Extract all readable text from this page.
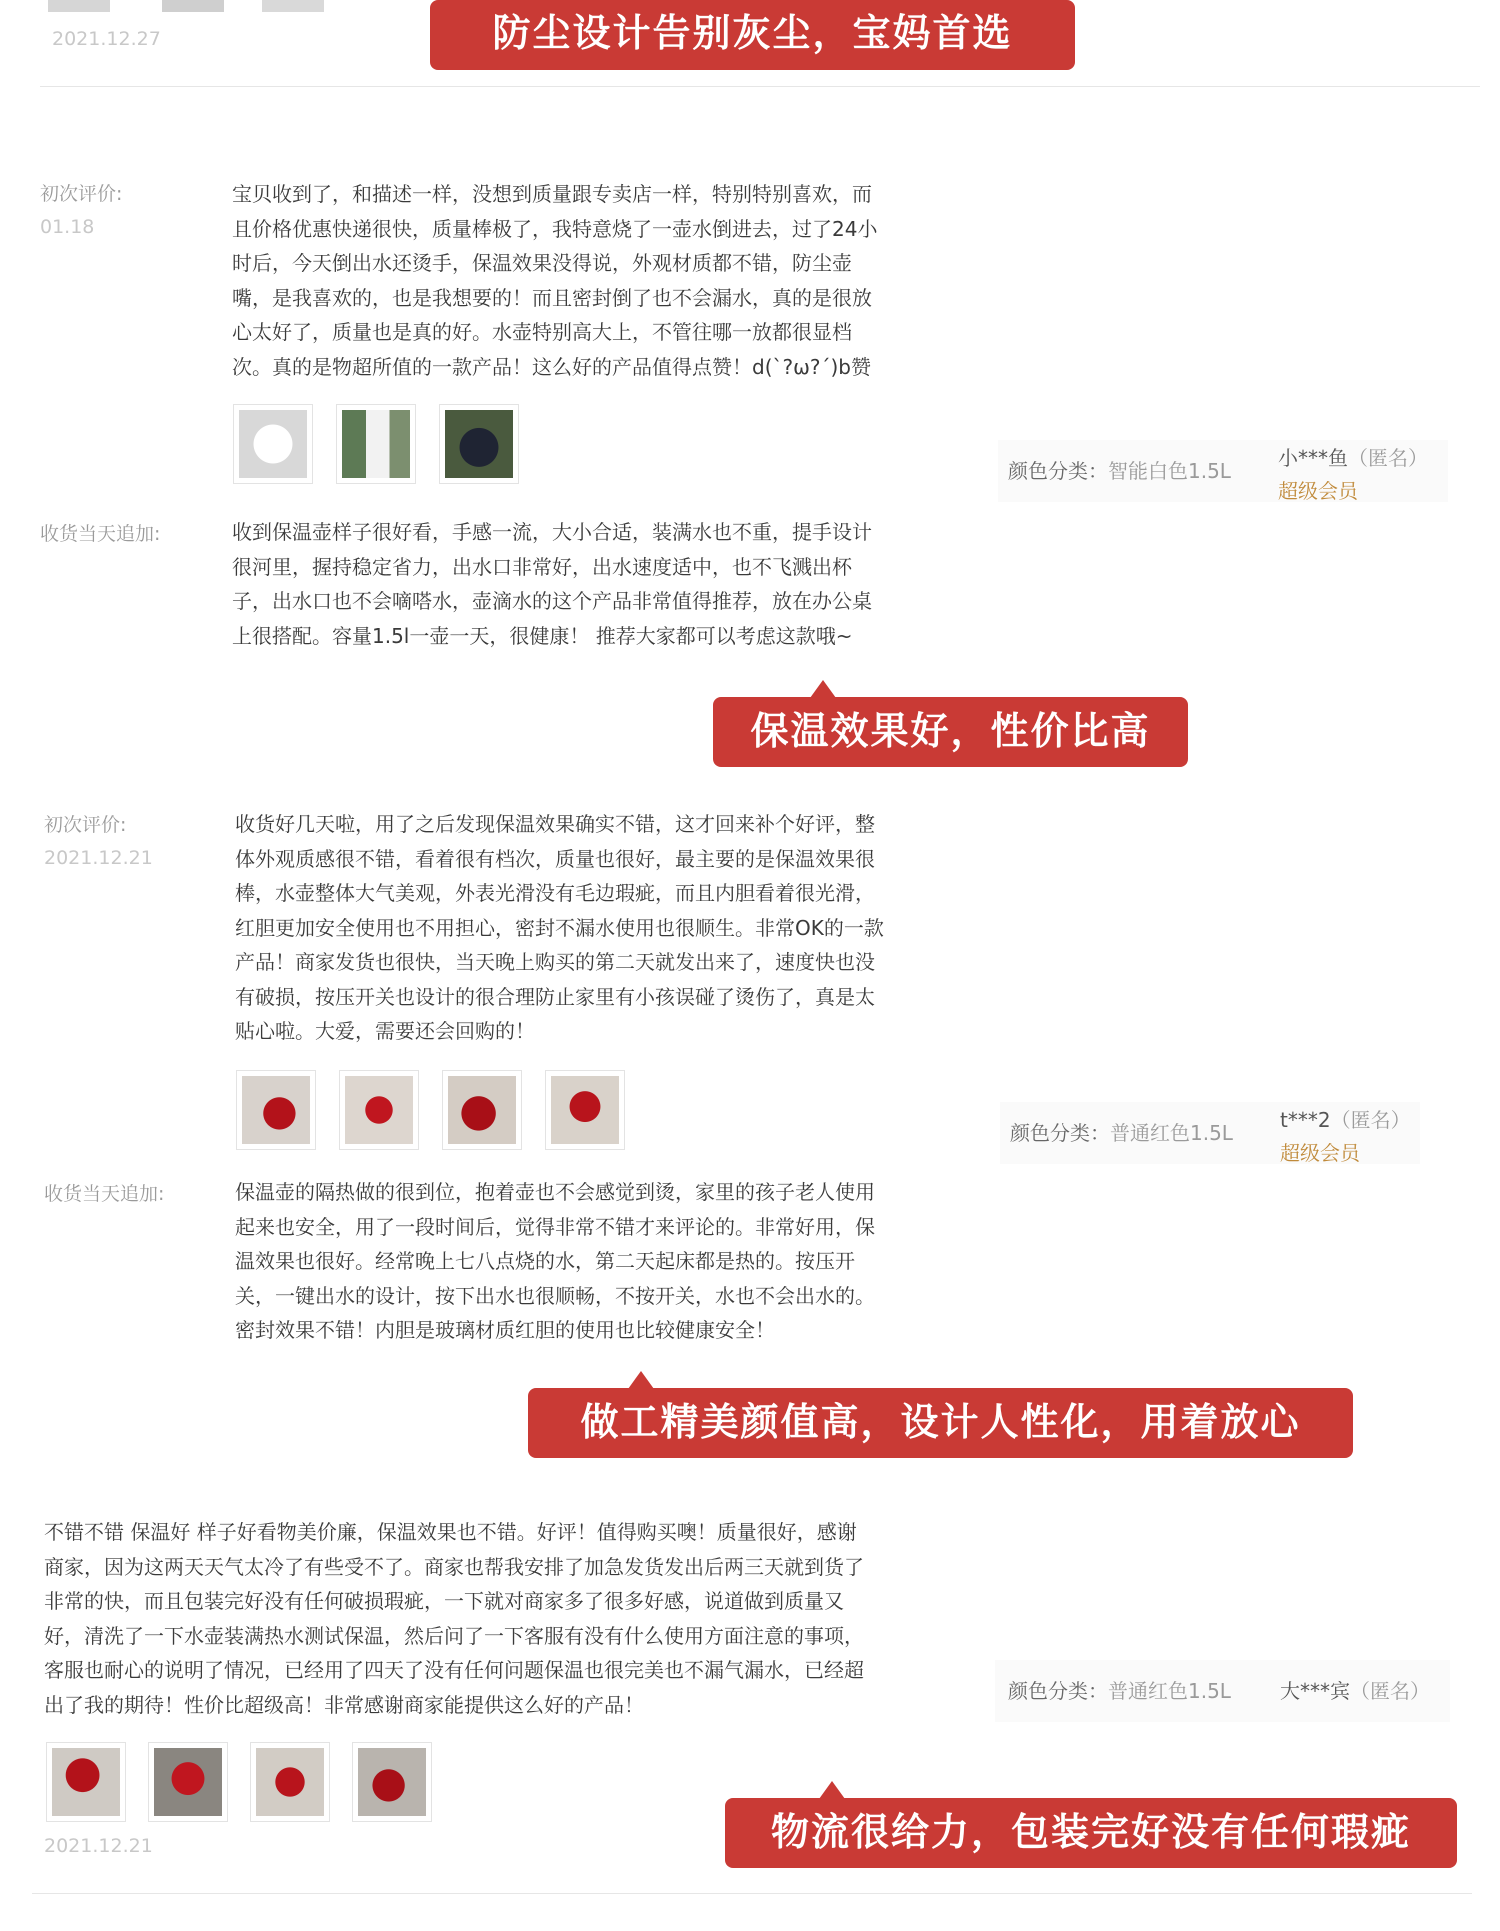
2021.12.27	防尘设计告别灰尘，宝妈首选
初次评价:
01.18
宝贝收到了，和描述一样，没想到质量跟专卖店一样，特别特别喜欢，而
且价格优惠快递很快，质量棒极了，我特意烧了一壶水倒进去，过了24小
时后，今天倒出水还烫手，保温效果没得说，外观材质都不错，防尘壶
嘴，是我喜欢的，也是我想要的！而且密封倒了也不会漏水，真的是很放
心太好了，质量也是真的好。水壶特别高大上，不管往哪一放都很显档
次。真的是物超所值的一款产品！这么好的产品值得点赞！d(`?ω?´)b赞
颜色分类：智能白色1.5L
小***鱼（匿名）
超级会员
收货当天追加:	收到保温壶样子很好看，手感一流，大小合适，装满水也不重，提手设计
很河里，握持稳定省力，出水口非常好，出水速度适中，也不飞溅出杯
子，出水口也不会嘀嗒水，壶滴水的这个产品非常值得推荐，放在办公桌
上很搭配。容量1.5l一壶一天，很健康！ 推荐大家都可以考虑这款哦~
保温效果好，性价比高
初次评价:
2021.12.21
收货好几天啦，用了之后发现保温效果确实不错，这才回来补个好评，整
体外观质感很不错，看着很有档次，质量也很好，最主要的是保温效果很
棒，水壶整体大气美观，外表光滑没有毛边瑕疵，而且内胆看着很光滑，
红胆更加安全使用也不用担心，密封不漏水使用也很顺生。非常OK的一款
产品！商家发货也很快，当天晚上购买的第二天就发出来了，速度快也没
有破损，按压开关也设计的很合理防止家里有小孩误碰了烫伤了，真是太
贴心啦。大爱，需要还会回购的！
颜色分类：普通红色1.5L
t***2（匿名）
超级会员
收货当天追加:	保温壶的隔热做的很到位，抱着壶也不会感觉到烫，家里的孩子老人使用
起来也安全，用了一段时间后，觉得非常不错才来评论的。非常好用，保
温效果也很好。经常晚上七八点烧的水，第二天起床都是热的。按压开
关，一键出水的设计，按下出水也很顺畅，不按开关，水也不会出水的。
密封效果不错！内胆是玻璃材质红胆的使用也比较健康安全！
做工精美颜值高，设计人性化，用着放心
不错不错 保温好 样子好看物美价廉，保温效果也不错。好评！值得购买噢！质量很好，感谢
商家，因为这两天天气太冷了有些受不了。商家也帮我安排了加急发货发出后两三天就到货了
非常的快，而且包装完好没有任何破损瑕疵，一下就对商家多了很多好感，说道做到质量又
好，清洗了一下水壶装满热水测试保温，然后问了一下客服有没有什么使用方面注意的事项，
客服也耐心的说明了情况，已经用了四天了没有任何问题保温也很完美也不漏气漏水，已经超
出了我的期待！性价比超级高！非常感谢商家能提供这么好的产品！
2021.12.21
颜色分类：普通红色1.5L 大***宾（匿名）
物流很给力，包装完好没有任何瑕疵
